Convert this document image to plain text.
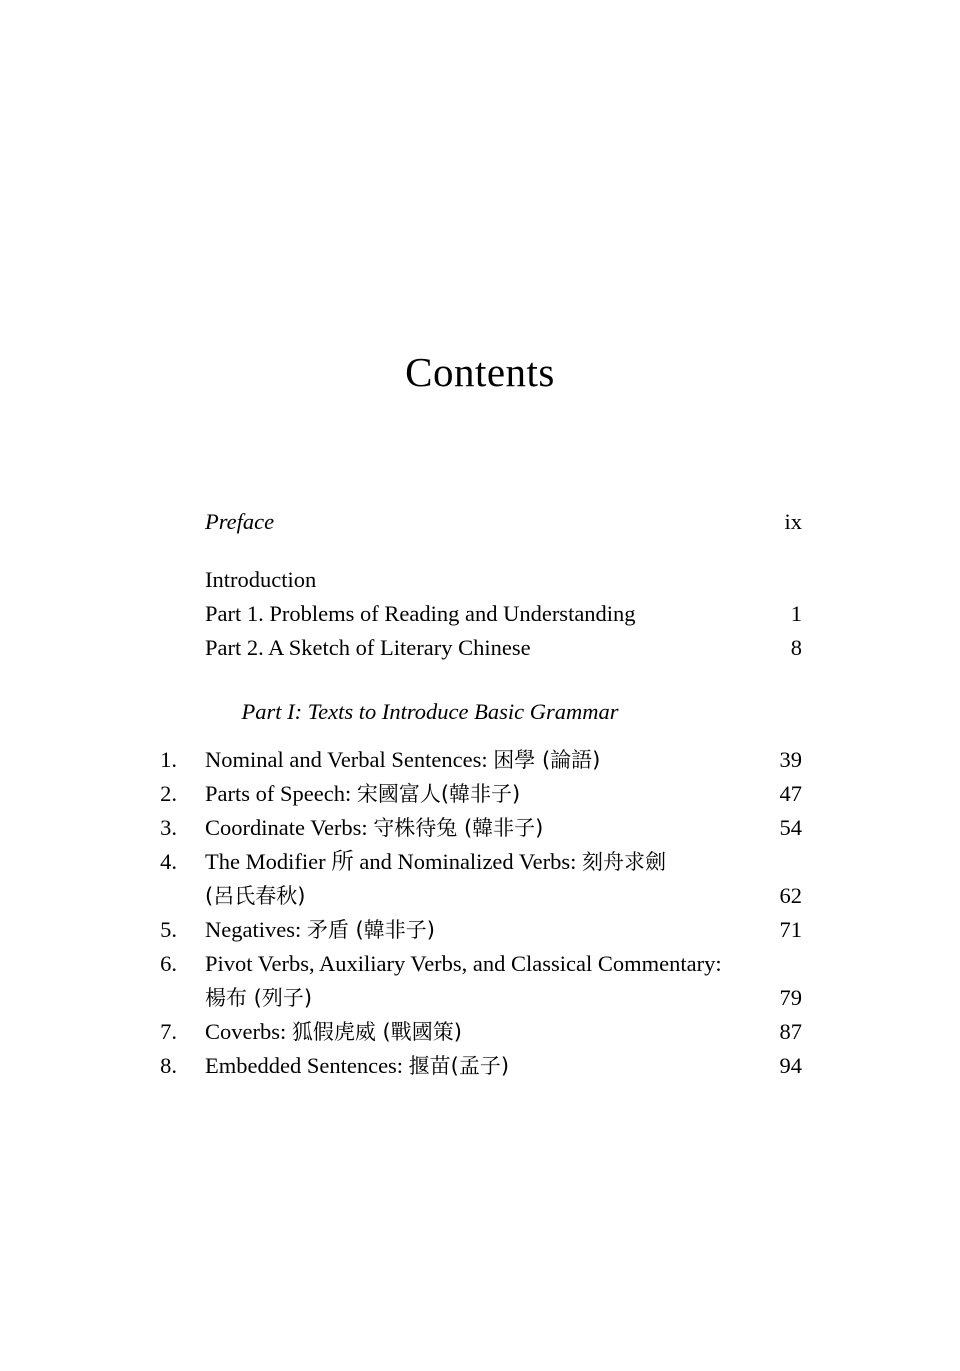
Contents
Preface	ix
Introduction
Part 1. Problems of Reading and Understanding	1
Part 2. A Sketch of Literary Chinese	8
Part I: Texts to Introduce Basic Grammar
1. Nominal and Verbal Sentences: 困學 (論語)	39
2. Parts of Speech: 宋國富人(韓非子)	47
3. Coordinate Verbs: 守株待兔 (韓非子)	54
4. The Modifier 所 and Nominalized Verbs: 刻舟求劍
(呂氏春秋)	62
5. Negatives: 矛盾 (韓非子)	71
6. Pivot Verbs, Auxiliary Verbs, and Classical Commentary:
楊布 (列子)	79
7. Coverbs: 狐假虎威 (戰國策)	87
8. Embedded Sentences: 揠苗(孟子)	94
